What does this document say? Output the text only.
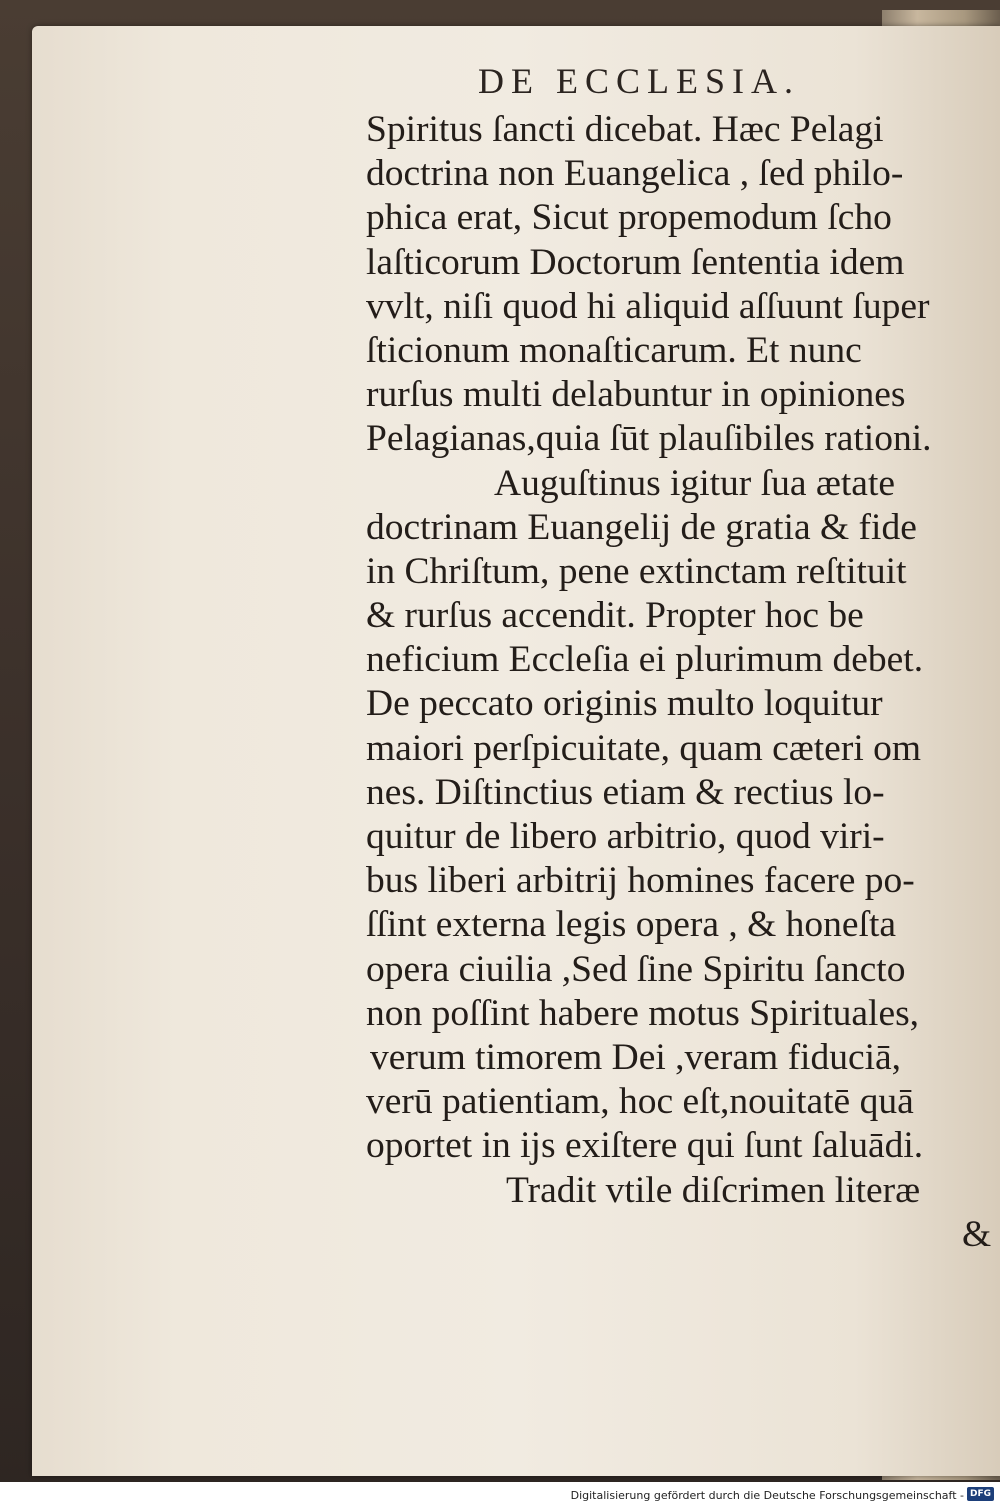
DE ECCLESIA.
Spiritus ſancti dicebat. Hæc Pelagi
doctrina non Euangelica , ſed philo-
phica erat, Sicut propemodum ſcho
laſticorum Doctorum ſententia idem
vvlt, niſi quod hi aliquid aſſuunt ſuper
ſticionum monaſticarum. Et nunc
rurſus multi delabuntur in opiniones
Pelagianas,quia ſūt plauſibiles rationi.
Auguſtinus igitur ſua ætate
doctrinam Euangelij de gratia & fide
in Chriſtum, pene extinctam reſtituit
& rurſus accendit. Propter hoc be
neficium Eccleſia ei plurimum debet.
De peccato originis multo loquitur
maiori perſpicuitate, quam cæteri om
nes. Diſtinctius etiam & rectius lo-
quitur de libero arbitrio, quod viri-
bus liberi arbitrij homines facere po-
ſſint externa legis opera , & honeſta
opera ciuilia ,Sed ſine Spiritu ſancto
non poſſint habere motus Spirituales,
verum timorem Dei ,veram fiduciā,
verū patientiam, hoc eſt,nouitatē quā
oportet in ijs exiſtere qui ſunt ſaluādi.
Tradit vtile diſcrimen literæ
&
Digitalisierung gefördert durch die Deutsche Forschungsgemeinschaft - DFG
